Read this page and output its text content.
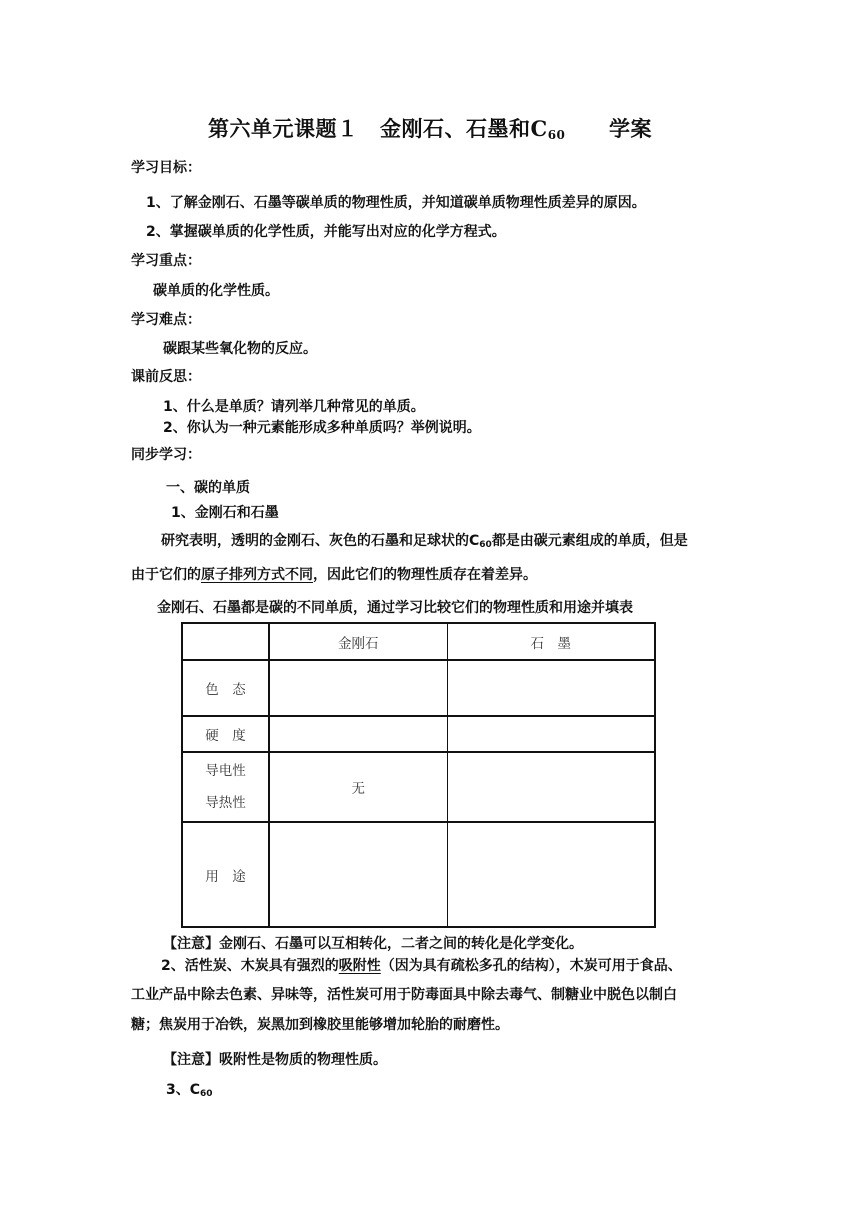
第六单元课题１　金刚石、石墨和$C_{60}$ 学案
学习目标：
1、了解金刚石、石墨等碳单质的物理性质，并知道碳单质物理性质差异的原因。
2、掌握碳单质的化学性质，并能写出对应的化学方程式。
学习重点：
碳单质的化学性质。
学习难点：
碳跟某些氧化物的反应。
课前反思：
1、什么是单质？请列举几种常见的单质。
2、你认为一种元素能形成多种单质吗？举例说明。
同步学习：
一、碳的单质
1、金刚石和石墨
研究表明，透明的金刚石、灰色的石墨和足球状的$C_{60}$都是由碳元素组成的单质，但是
由于它们的原子排列方式不同，因此它们的物理性质存在着差异。
金刚石、石墨都是碳的不同单质，通过学习比较它们的物理性质和用途并填表
	金刚石	石　墨
色　态		
硬　度		
导电性
导热性	无	
用　途		
【注意】金刚石、石墨可以互相转化，二者之间的转化是化学变化。
2、活性炭、木炭具有强烈的吸附性（因为具有疏松多孔的结构），木炭可用于食品、
工业产品中除去色素、异味等，活性炭可用于防毒面具中除去毒气、制糖业中脱色以制白
糖；焦炭用于冶铁，炭黑加到橡胶里能够增加轮胎的耐磨性。
【注意】吸附性是物质的物理性质。
3、$C_{60}$
